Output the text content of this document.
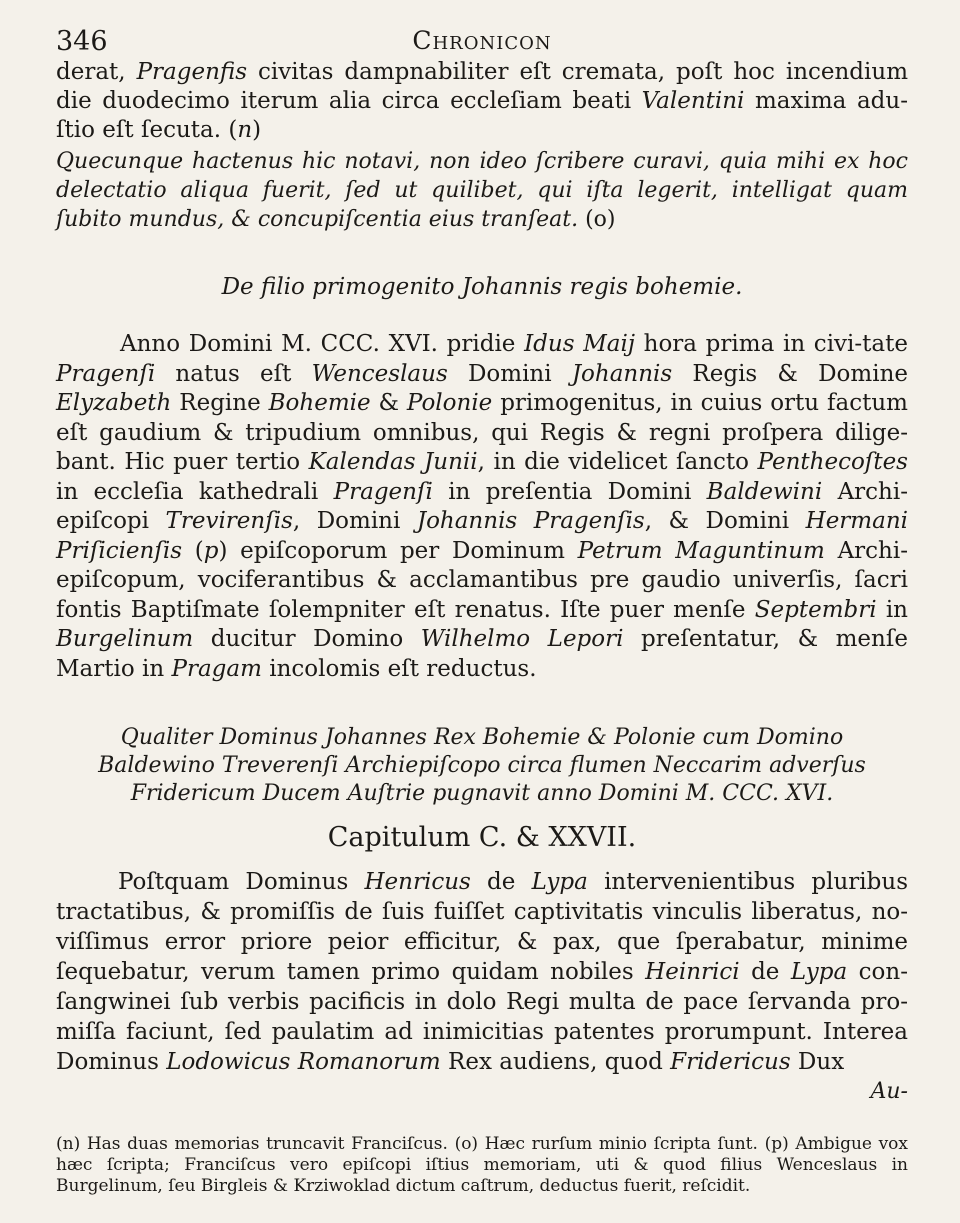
346	Chronicon

derat, Pragenfis civitas dampnabiliter eſt cremata, poſt hoc incendium die duodecimo iterum alia circa eccleſiam beati Valentini maxima adu-ſtio eſt ſecuta. (n)

Quecunque hactenus hic notavi, non ideo ſcribere curavi, quia mihi ex hoc delectatio aliqua fuerit, ſed ut quilibet, qui iſta legerit, intelligat quam ſubito mundus, & concupiſcentia eius tranſeat. (o)

De filio primogenito Johannis regis bohemie.

Anno Domini M. CCC. XVI. pridie Idus Maij hora prima in civi-tate Pragenſi natus eſt Wenceslaus Domini Johannis Regis & Domine Elyzabeth Regine Bohemie & Polonie primogenitus, in cuius ortu factum eſt gaudium & tripudium omnibus, qui Regis & regni proſpera dilige-bant. Hic puer tertio Kalendas Junii, in die videlicet ſancto Penthecoſtes in eccleſia kathedrali Pragenſi in preſentia Domini Baldewini Archi-epiſcopi Trevirenſis, Domini Johannis Pragenſis, & Domini Hermani Priſicienſis (p) epiſcoporum per Dominum Petrum Maguntinum Archi-epiſcopum, vociferantibus & acclamantibus pre gaudio univerſis, ſacri fontis Baptiſmate ſolempniter eſt renatus. Iſte puer menſe Septembri in Burgelinum ducitur Domino Wilhelmo Lepori preſentatur, & menſe Martio in Pragam incolomis eſt reductus.

Qualiter Dominus Johannes Rex Bohemie & Polonie cum Domino Baldewino Treverenſi Archiepiſcopo circa flumen Neccarim adverſus Fridericum Ducem Auſtrie pugnavit anno Domini M. CCC. XVI.

Capitulum C. & XXVII.

Poſtquam Dominus Henricus de Lypa intervenientibus pluribus tractatibus, & promiſſis de ſuis fuiſſet captivitatis vinculis liberatus, no-viſſimus error priore peior efficitur, & pax, que ſperabatur, minime ſequebatur, verum tamen primo quidam nobiles Heinrici de Lypa con-ſangwinei ſub verbis pacificis in dolo Regi multa de pace ſervanda pro-miſſa faciunt, ſed paulatim ad inimicitias patentes prorumpunt. Interea Dominus Lodowicus Romanorum Rex audiens, quod Fridericus Dux

Au-

(n) Has duas memorias truncavit Franciſcus. (o) Hæc rurſum minio ſcripta ſunt. (p) Ambigue vox hæc ſcripta; Franciſcus vero epiſcopi iſtius memoriam, uti & quod filius Wenceslaus in Burgelinum, ſeu Birgleis & Krziwoklad dictum caſtrum, deductus fuerit, reſcidit.
